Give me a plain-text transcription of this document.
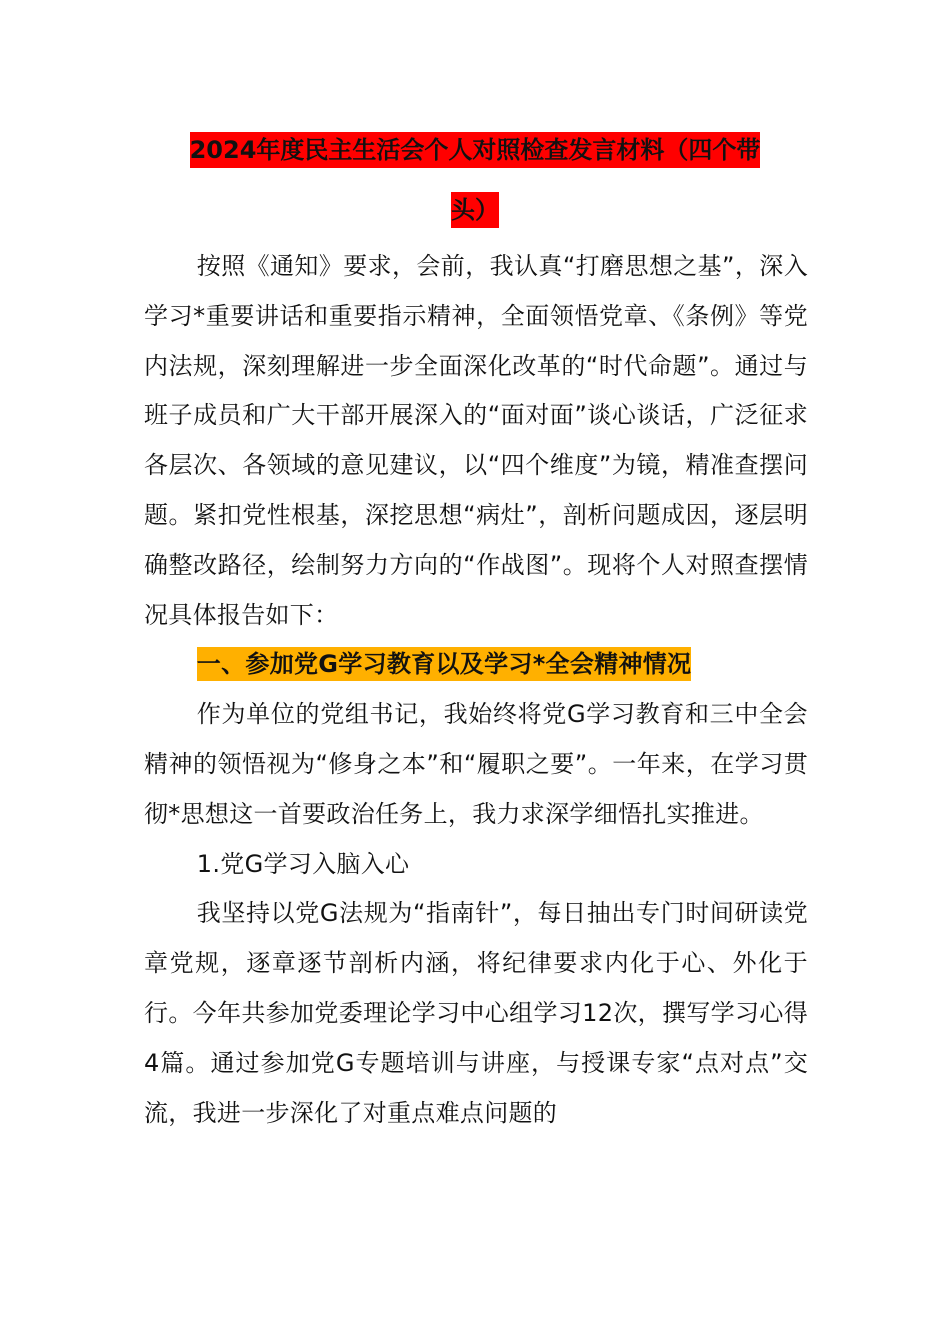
2024年度民主生活会个人对照检查发言材料（四个带
头）

按照《通知》要求，会前，我认真“打磨思想之基”，深入学习*重要讲话和重要指示精神，全面领悟党章、《条例》等党内法规，深刻理解进一步全面深化改革的“时代命题”。通过与班子成员和广大干部开展深入的“面对面”谈心谈话，广泛征求各层次、各领域的意见建议，以“四个维度”为镜，精准查摆问题。紧扣党性根基，深挖思想“病灶”，剖析问题成因，逐层明确整改路径，绘制努力方向的“作战图”。现将个人对照查摆情况具体报告如下：

一、参加党G学习教育以及学习*全会精神情况

作为单位的党组书记，我始终将党G学习教育和三中全会精神的领悟视为“修身之本”和“履职之要”。一年来，在学习贯彻*思想这一首要政治任务上，我力求深学细悟扎实推进。

1.党G学习入脑入心

我坚持以党G法规为“指南针”，每日抽出专门时间研读党章党规，逐章逐节剖析内涵，将纪律要求内化于心、外化于行。今年共参加党委理论学习中心组学习12次，撰写学习心得4篇。通过参加党G专题培训与讲座，与授课专家“点对点”交流，我进一步深化了对重点难点问题的
